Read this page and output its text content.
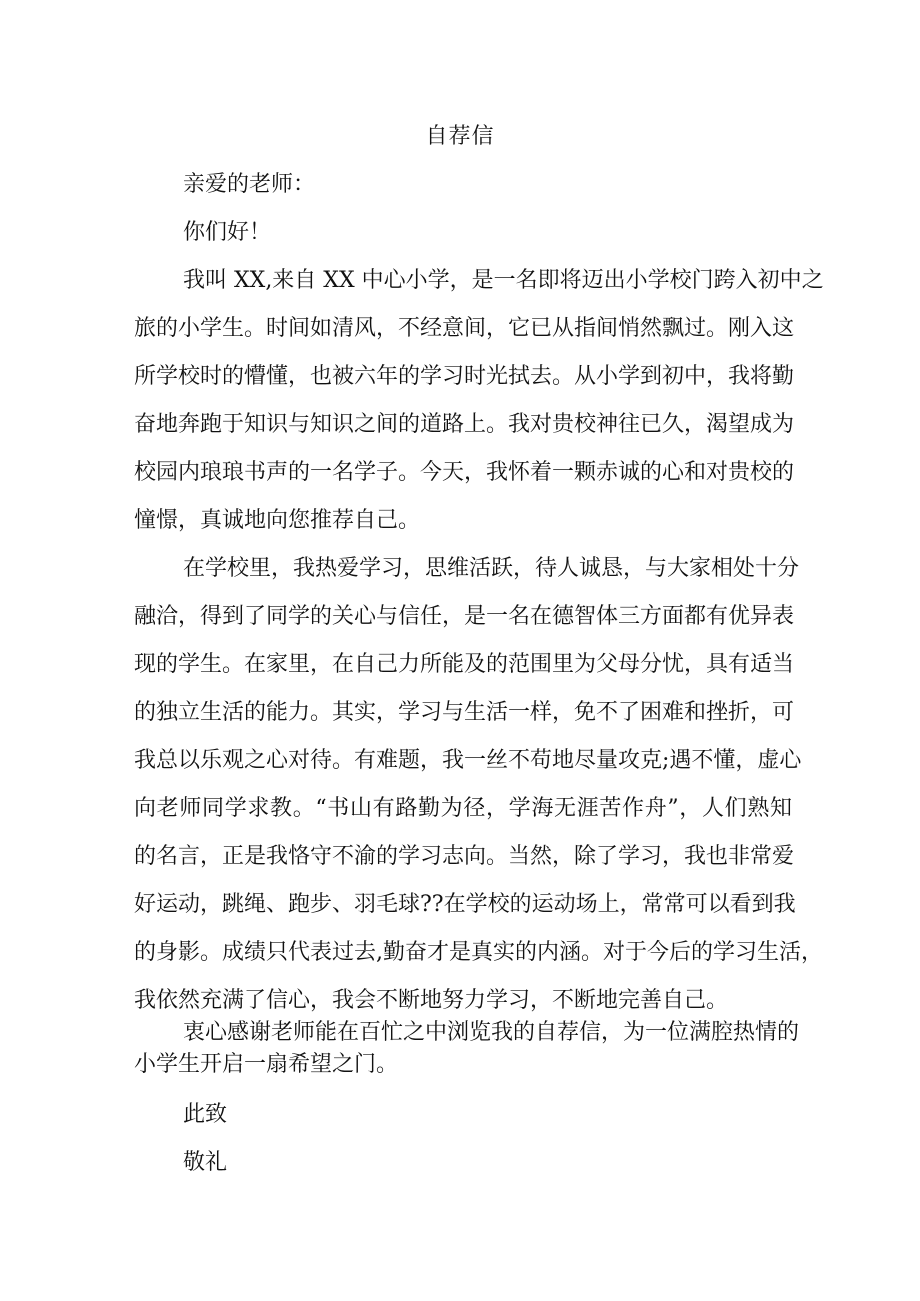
自荐信
亲爱的老师：
你们好！
我叫 XX,来自 XX 中心小学，是一名即将迈出小学校门跨入初中之
旅的小学生。时间如清风，不经意间，它已从指间悄然飘过。刚入这
所学校时的懵懂，也被六年的学习时光拭去。从小学到初中，我将勤
奋地奔跑于知识与知识之间的道路上。我对贵校神往已久，渴望成为
校园内琅琅书声的一名学子。今天，我怀着一颗赤诚的心和对贵校的
憧憬，真诚地向您推荐自己。
在学校里，我热爱学习，思维活跃，待人诚恳，与大家相处十分
融洽，得到了同学的关心与信任，是一名在德智体三方面都有优异表
现的学生。在家里，在自己力所能及的范围里为父母分忧，具有适当
的独立生活的能力。其实，学习与生活一样，免不了困难和挫折，可
我总以乐观之心对待。有难题，我一丝不苟地尽量攻克;遇不懂，虚心
向老师同学求教。“书山有路勤为径，学海无涯苦作舟”，人们熟知
的名言，正是我恪守不渝的学习志向。当然，除了学习，我也非常爱
好运动，跳绳、跑步、羽毛球??在学校的运动场上，常常可以看到我
的身影。成绩只代表过去,勤奋才是真实的内涵。对于今后的学习生活，
我依然充满了信心，我会不断地努力学习，不断地完善自己。
衷心感谢老师能在百忙之中浏览我的自荐信，为一位满腔热情的
小学生开启一扇希望之门。
此致
敬礼
